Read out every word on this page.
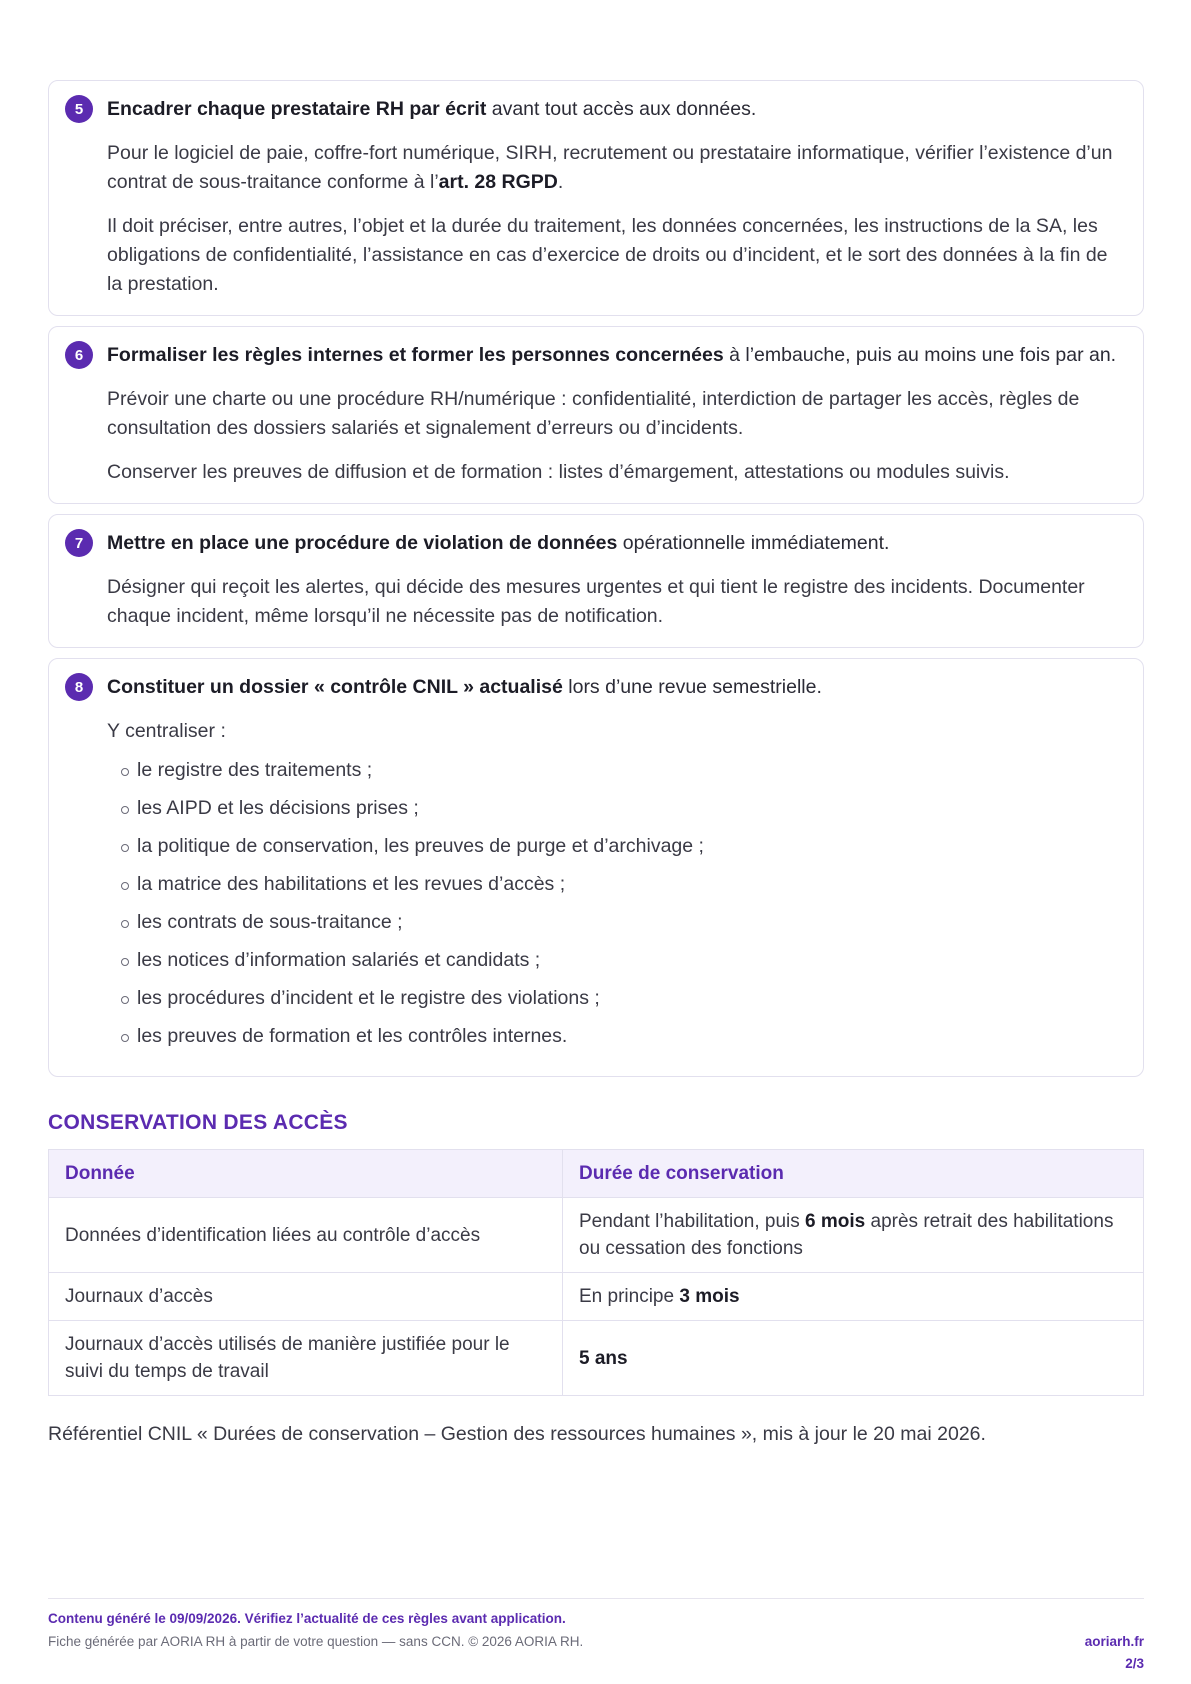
5	Encadrer chaque prestataire RH par écrit avant tout accès aux données.
Pour le logiciel de paie, coffre-fort numérique, SIRH, recrutement ou prestataire informatique, vérifier l’existence d’un contrat de sous-traitance conforme à l’art. 28 RGPD.
Il doit préciser, entre autres, l’objet et la durée du traitement, les données concernées, les instructions de la SA, les obligations de confidentialité, l’assistance en cas d’exercice de droits ou d’incident, et le sort des données à la fin de la prestation.
6	Formaliser les règles internes et former les personnes concernées à l’embauche, puis au moins une fois par an.
Prévoir une charte ou une procédure RH/numérique : confidentialité, interdiction de partager les accès, règles de consultation des dossiers salariés et signalement d’erreurs ou d’incidents.
Conserver les preuves de diffusion et de formation : listes d’émargement, attestations ou modules suivis.
7	Mettre en place une procédure de violation de données opérationnelle immédiatement.
Désigner qui reçoit les alertes, qui décide des mesures urgentes et qui tient le registre des incidents. Documenter chaque incident, même lorsqu’il ne nécessite pas de notification.
8	Constituer un dossier « contrôle CNIL » actualisé lors d’une revue semestrielle.
Y centraliser :
le registre des traitements ;
les AIPD et les décisions prises ;
la politique de conservation, les preuves de purge et d’archivage ;
la matrice des habilitations et les revues d’accès ;
les contrats de sous-traitance ;
les notices d’information salariés et candidats ;
les procédures d’incident et le registre des violations ;
les preuves de formation et les contrôles internes.
CONSERVATION DES ACCÈS
Donnée	Durée de conservation
Données d’identification liées au contrôle d’accès	Pendant l’habilitation, puis 6 mois après retrait des habilitations ou cessation des fonctions
Journaux d’accès	En principe 3 mois
Journaux d’accès utilisés de manière justifiée pour le suivi du temps de travail	5 ans
Référentiel CNIL « Durées de conservation – Gestion des ressources humaines », mis à jour le 20 mai 2026.
Contenu généré le 09/09/2026. Vérifiez l’actualité de ces règles avant application.
Fiche générée par AORIA RH à partir de votre question — sans CCN. © 2026 AORIA RH.	aoriarh.fr
2/3
